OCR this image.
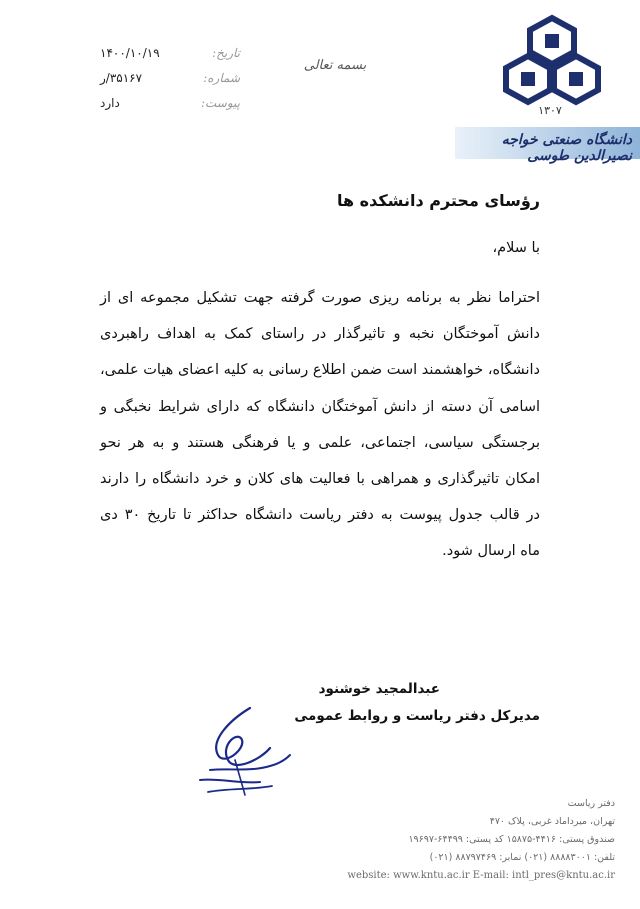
۱۳۰۷
دانشگاه صنعتی خواجه نصیرالدین طوسی
بسمه تعالی
تاریخ:
۱۴۰۰/۱۰/۱۹
شماره:
۳۵۱۶۷/ر
پیوست:
دارد
رؤسای محترم دانشکده ها
با سلام،
احتراما نظر به برنامه ریزی صورت گرفته جهت تشکیل مجموعه ای از
دانش آموختگان نخبه و تاثیرگذار در راستای کمک به اهداف راهبردی
دانشگاه، خواهشمند است ضمن اطلاع رسانی به کلیه اعضای هیات علمی،
اسامی آن دسته از دانش آموختگان دانشگاه که دارای شرایط نخبگی و
برجستگی سیاسی، اجتماعی، علمی و یا فرهنگی هستند و به هر نحو
امکان تاثیرگذاری و همراهی با فعالیت های کلان و خرد دانشگاه را دارند
در قالب جدول پیوست به دفتر ریاست دانشگاه حداکثر تا تاریخ ۳۰ دی
ماه ارسال شود.
عبدالمجید خوشنود
مدیرکل دفتر ریاست و روابط عمومی
دفتر ریاست
تهران، میرداماد غربی، پلاک ۴۷۰
صندوق پستی: ۴۴۱۶-۱۵۸۷۵ کد پستی: ۶۴۴۹۹-۱۹۶۹۷
تلفن: ۸۸۸۸۳۰۰۱ (۰۲۱) نمابر: ۸۸۷۹۷۴۶۹ (۰۲۱)
website: www.kntu.ac.ir E-mail: intl_pres@kntu.ac.ir
